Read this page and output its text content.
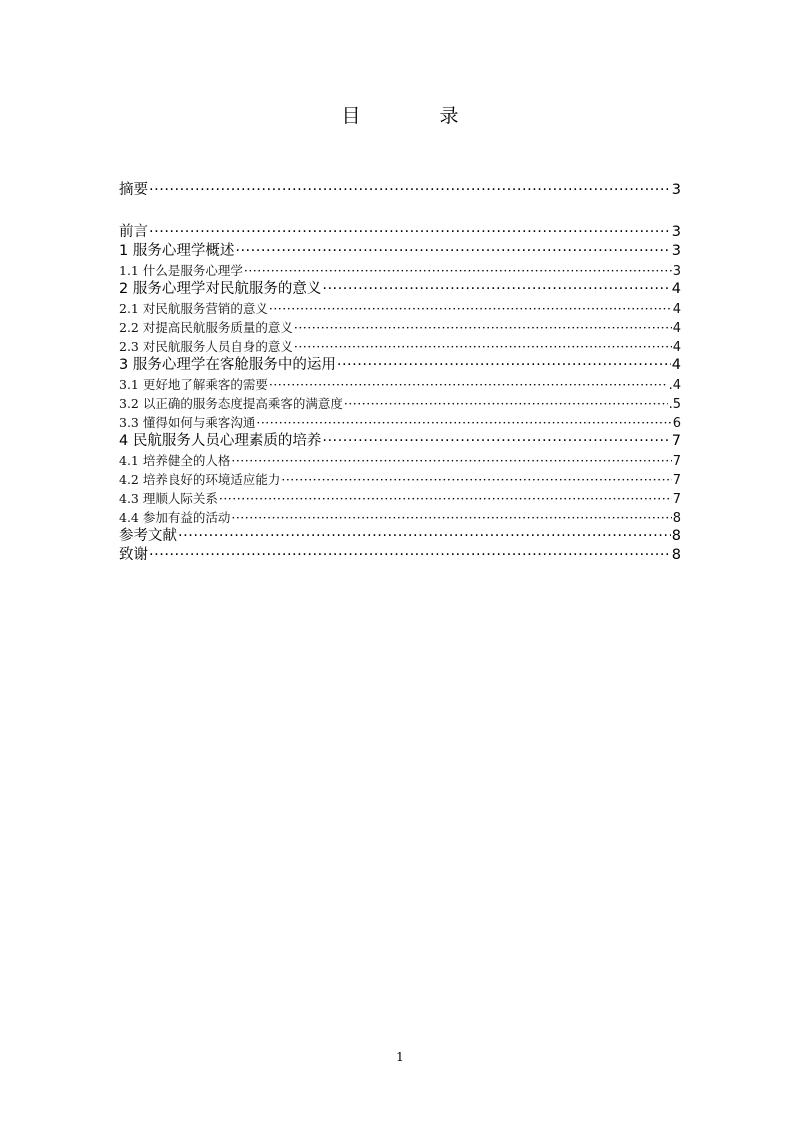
目　录
摘要 ·····	3
前言 ·····	3
1 服务心理学概述 ·····	3
1.1 什么是服务心理学 ·····	3
2 服务心理学对民航服务的意义 ·····	4
2.1 对民航服务营销的意义 ·····	4
2.2 对提高民航服务质量的意义 ·····	4
2.3 对民航服务人员自身的意义 ·····	4
3 服务心理学在客舱服务中的运用 ·····	4
3.1 更好地了解乘客的需要 ·····	.4
3.2 以正确的服务态度提高乘客的满意度 ·····	.5
3.3 懂得如何与乘客沟通 ·····	6
4 民航服务人员心理素质的培养 ·····	7
4.1 培养健全的人格 ·····	7
4.2 培养良好的环境适应能力 ·····	7
4.3 理顺人际关系 ·····	7
4.4 参加有益的活动 ·····	8
参考文献 ·····	8
致谢 ·····	8
1
